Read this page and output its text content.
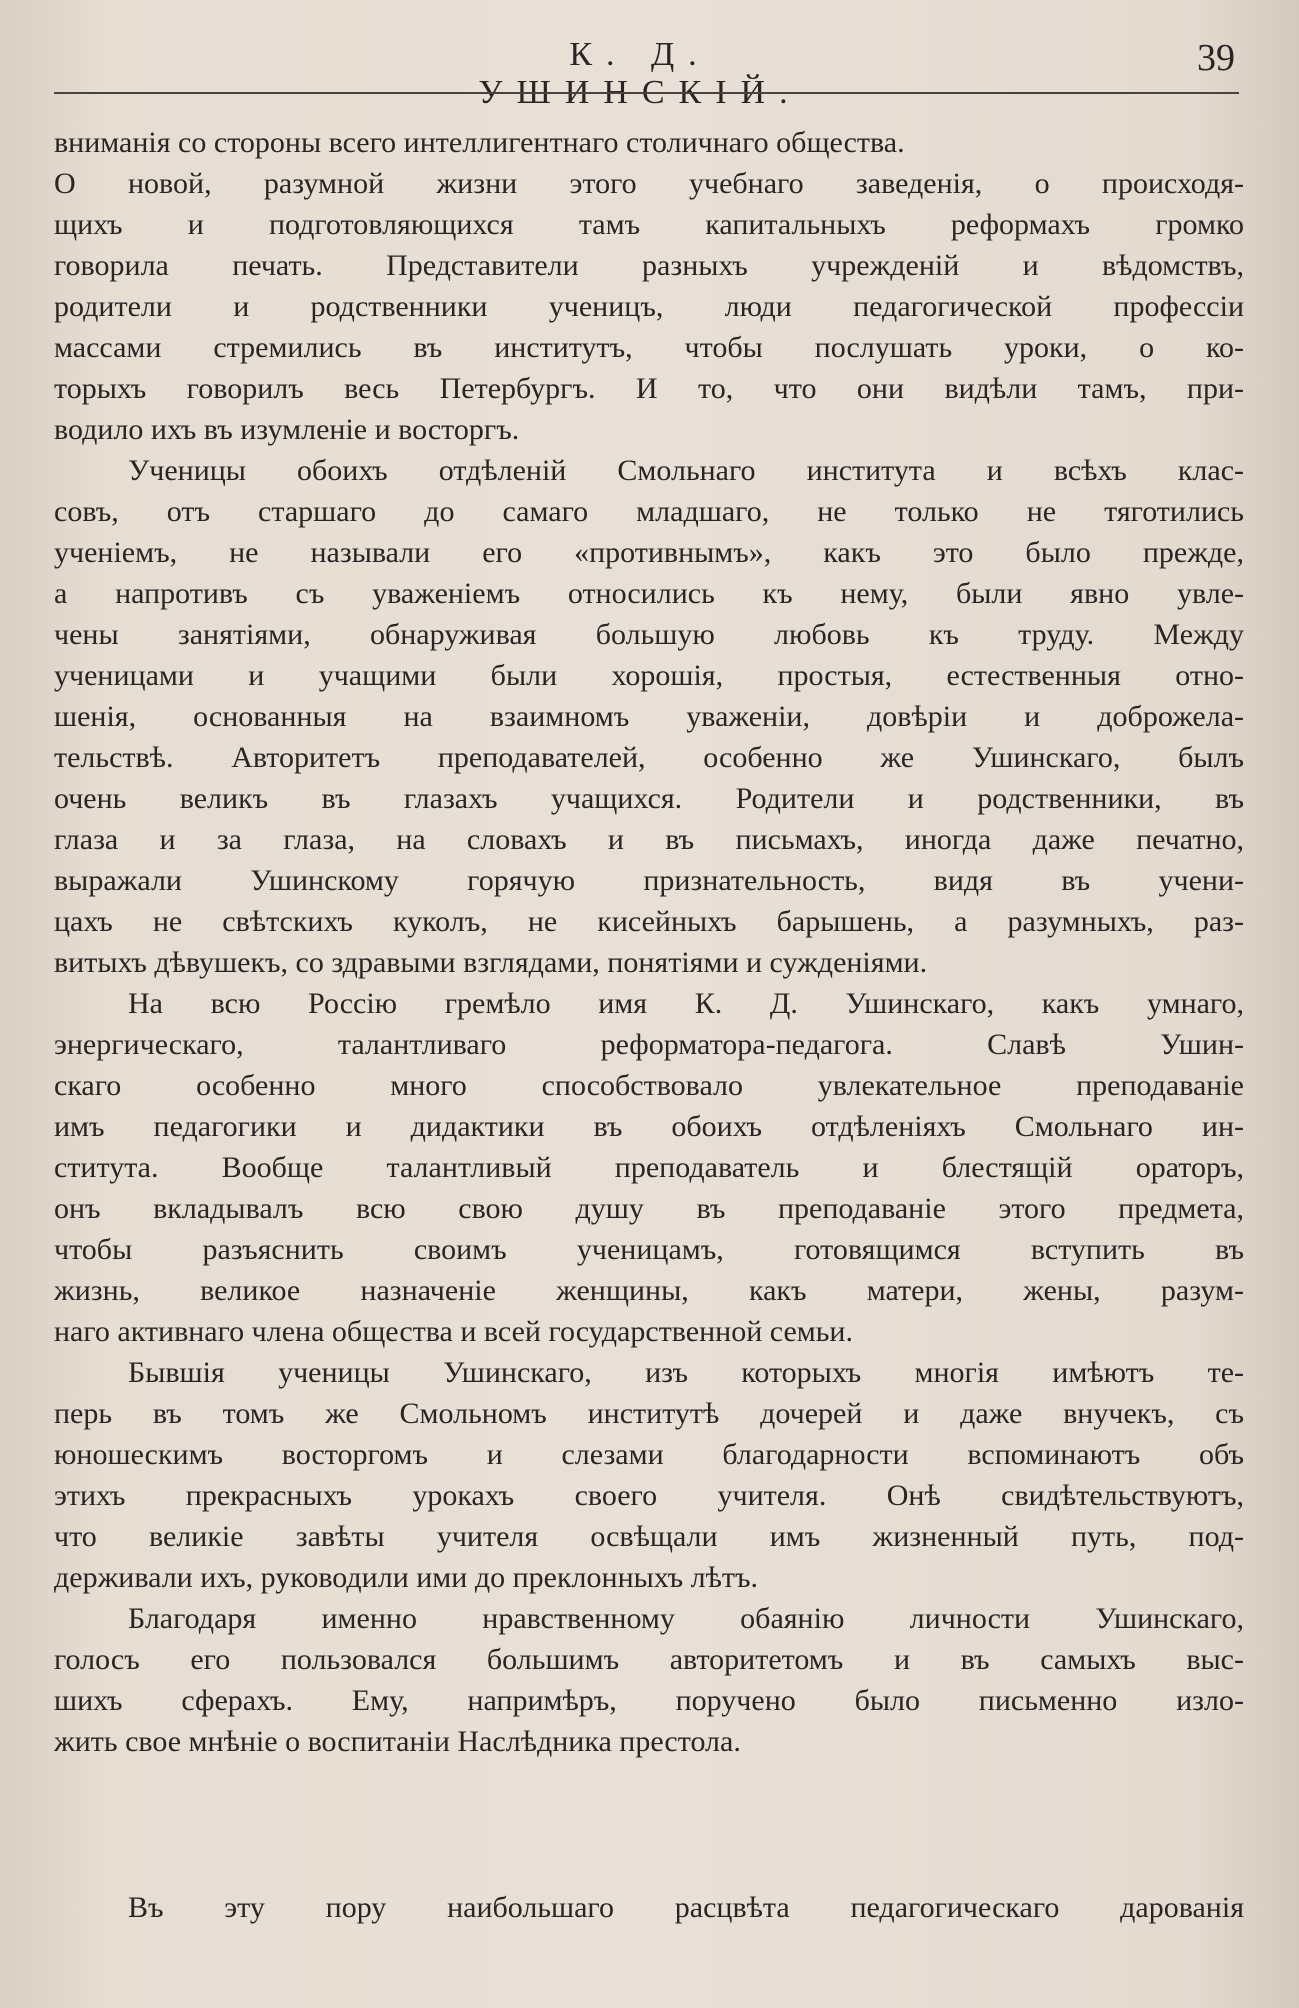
К. Д. УШИНСКІЙ.
39
вниманія со стороны всего интеллигентнаго столичнаго общества.
О новой, разумной жизни этого учебнаго заведенія, о происходя-
щихъ и подготовляющихся тамъ капитальныхъ реформахъ громко
говорила печать. Представители разныхъ учрежденій и вѣдомствъ,
родители и родственники ученицъ, люди педагогической профессіи
массами стремились въ институтъ, чтобы послушать уроки, о ко-
торыхъ говорилъ весь Петербургъ. И то, что они видѣли тамъ, при-
водило ихъ въ изумленіе и восторгъ.
Ученицы обоихъ отдѣленій Смольнаго института и всѣхъ клас-
совъ, отъ старшаго до самаго младшаго, не только не тяготились
ученіемъ, не называли его «противнымъ», какъ это было прежде,
а напротивъ съ уваженіемъ относились къ нему, были явно увле-
чены занятіями, обнаруживая большую любовь къ труду. Между
ученицами и учащими были хорошія, простыя, естественныя отно-
шенія, основанныя на взаимномъ уваженіи, довѣріи и доброжела-
тельствѣ. Авторитетъ преподавателей, особенно же Ушинскаго, былъ
очень великъ въ глазахъ учащихся. Родители и родственники, въ
глаза и за глаза, на словахъ и въ письмахъ, иногда даже печатно,
выражали Ушинскому горячую признательность, видя въ учени-
цахъ не свѣтскихъ куколъ, не кисейныхъ барышень, а разумныхъ, раз-
витыхъ дѣвушекъ, со здравыми взглядами, понятіями и сужденіями.
На всю Россію гремѣло имя К. Д. Ушинскаго, какъ умнаго,
энергическаго, талантливаго реформатора-педагога. Славѣ Ушин-
скаго особенно много способствовало увлекательное преподаваніе
имъ педагогики и дидактики въ обоихъ отдѣленіяхъ Смольнаго ин-
ститута. Вообще талантливый преподаватель и блестящій ораторъ,
онъ вкладывалъ всю свою душу въ преподаваніе этого предмета,
чтобы разъяснить своимъ ученицамъ, готовящимся вступить въ
жизнь, великое назначеніе женщины, какъ матери, жены, разум-
наго активнаго члена общества и всей государственной семьи.
Бывшія ученицы Ушинскаго, изъ которыхъ многія имѣютъ те-
перь въ томъ же Смольномъ институтѣ дочерей и даже внучекъ, съ
юношескимъ восторгомъ и слезами благодарности вспоминаютъ объ
этихъ прекрасныхъ урокахъ своего учителя. Онѣ свидѣтельствуютъ,
что великіе завѣты учителя освѣщали имъ жизненный путь, под-
держивали ихъ, руководили ими до преклонныхъ лѣтъ.
Благодаря именно нравственному обаянію личности Ушинскаго,
голосъ его пользовался большимъ авторитетомъ и въ самыхъ выс-
шихъ сферахъ. Ему, напримѣръ, поручено было письменно изло-
жить свое мнѣніе о воспитаніи Наслѣдника престола.
Въ эту пору наибольшаго расцвѣта педагогическаго дарованія
